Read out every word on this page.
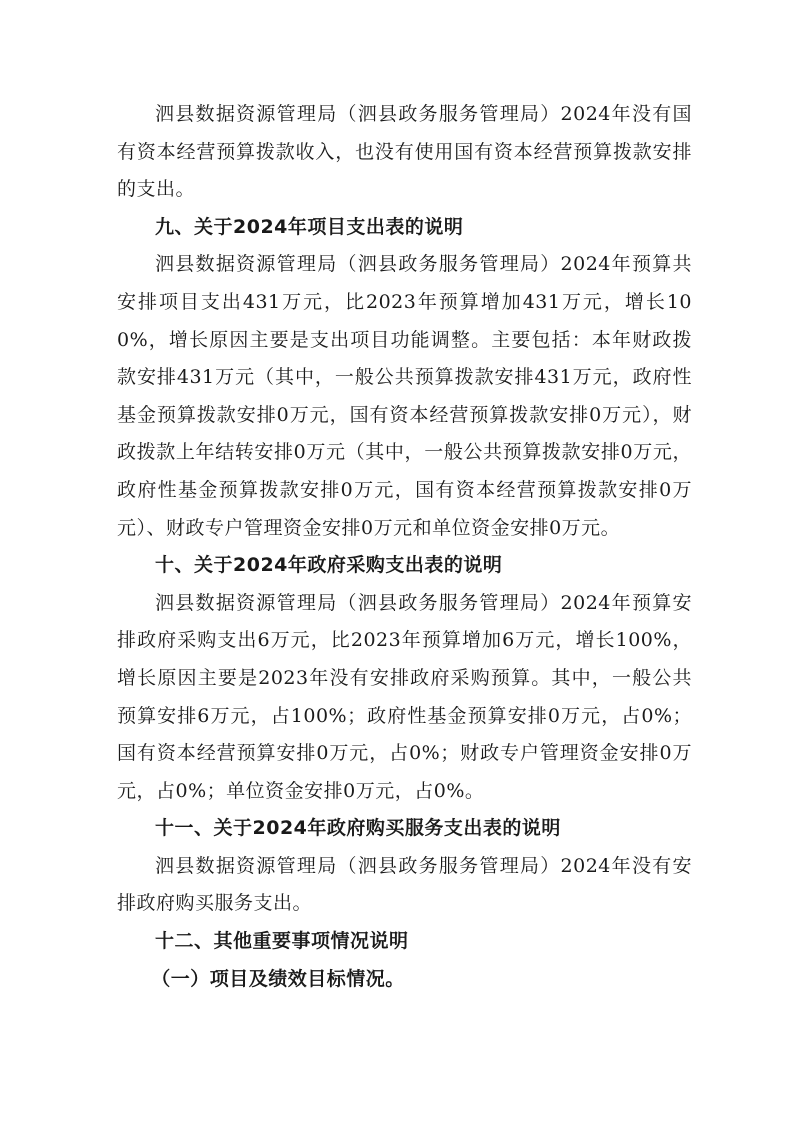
泗县数据资源管理局（泗县政务服务管理局）2024年没有国有资本经营预算拨款收入，也没有使用国有资本经营预算拨款安排的支出。

九、关于2024年项目支出表的说明

泗县数据资源管理局（泗县政务服务管理局）2024年预算共安排项目支出431万元，比2023年预算增加431万元，增长100%，增长原因主要是支出项目功能调整。主要包括：本年财政拨款安排431万元（其中，一般公共预算拨款安排431万元，政府性基金预算拨款安排0万元，国有资本经营预算拨款安排0万元），财政拨款上年结转安排0万元（其中，一般公共预算拨款安排0万元，政府性基金预算拨款安排0万元，国有资本经营预算拨款安排0万元）、财政专户管理资金安排0万元和单位资金安排0万元。

十、关于2024年政府采购支出表的说明

泗县数据资源管理局（泗县政务服务管理局）2024年预算安排政府采购支出6万元，比2023年预算增加6万元，增长100%，增长原因主要是2023年没有安排政府采购预算。其中，一般公共预算安排6万元，占100%；政府性基金预算安排0万元，占0%；国有资本经营预算安排0万元，占0%；财政专户管理资金安排0万元，占0%；单位资金安排0万元，占0%。

十一、关于2024年政府购买服务支出表的说明

泗县数据资源管理局（泗县政务服务管理局）2024年没有安排政府购买服务支出。

十二、其他重要事项情况说明

（一）项目及绩效目标情况。
